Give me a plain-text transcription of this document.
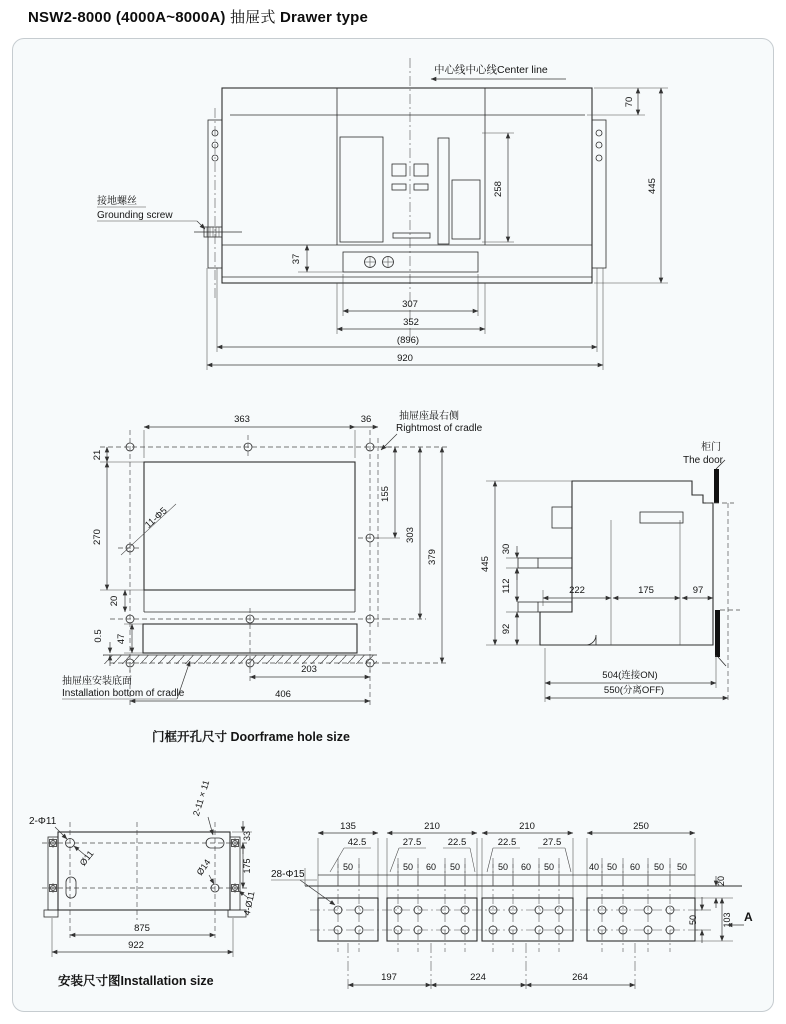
NSW2-8000 (4000A~8000A) 抽屉式 Drawer type
中心线中心线Center line
接地螺丝
Grounding screw
70
445
258
37
307
352
(896)
920
11-Φ5
363	36
21
270
20
47
0.5
155
303
379
203
406
抽屉座最右侧
Rightmost of cradle
抽屉座安装底面
Installation bottom of cradle
门框开孔尺寸 Doorframe hole size
柜门
The door
445
30
112
92
222	175	97
504(连接ON)
550(分离OFF)
2-Φ11
Ø11
2-11 × 11
Ø14
4-Ø11
33
175
875
922
安装尺寸图Installation size
135	210	210	250
42.5	27.5	22.5	22.5	27.5
50	50 60 50	50 60 50	40 50 60 50 50
28-Φ15
20
50	103 A
197	224	264
